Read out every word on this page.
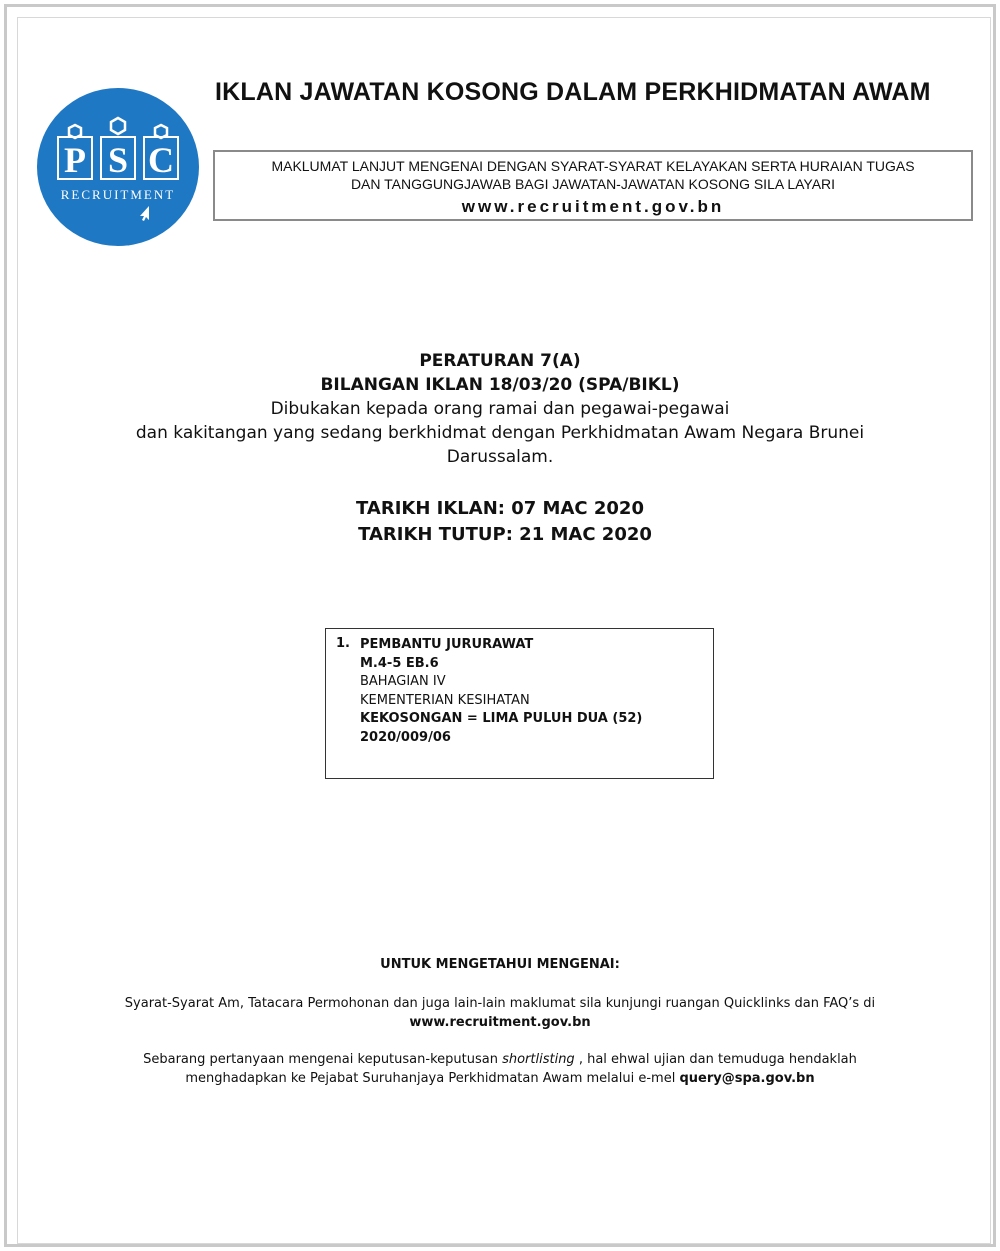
P S C
RECRUITMENT
IKLAN JAWATAN KOSONG DALAM PERKHIDMATAN AWAM
MAKLUMAT LANJUT MENGENAI DENGAN SYARAT-SYARAT KELAYAKAN SERTA HURAIAN TUGAS
DAN TANGGUNGJAWAB BAGI JAWATAN-JAWATAN KOSONG SILA LAYARI
www.recruitment.gov.bn
PERATURAN 7(A)
BILANGAN IKLAN 18/03/20 (SPA/BIKL)
Dibukakan kepada orang ramai dan pegawai-pegawai
dan kakitangan yang sedang berkhidmat dengan Perkhidmatan Awam Negara Brunei
Darussalam.
TARIKH IKLAN: 07 MAC 2020
TARIKH TUTUP: 21 MAC 2020
1. PEMBANTU JURURAWAT
M.4-5 EB.6
BAHAGIAN IV
KEMENTERIAN KESIHATAN
KEKOSONGAN = LIMA PULUH DUA (52)
2020/009/06
UNTUK MENGETAHUI MENGENAI:
Syarat-Syarat Am, Tatacara Permohonan dan juga lain-lain maklumat sila kunjungi ruangan Quicklinks dan FAQ’s di
www.recruitment.gov.bn
Sebarang pertanyaan mengenai keputusan-keputusan shortlisting , hal ehwal ujian dan temuduga hendaklah
menghadapkan ke Pejabat Suruhanjaya Perkhidmatan Awam melalui e-mel query@spa.gov.bn
